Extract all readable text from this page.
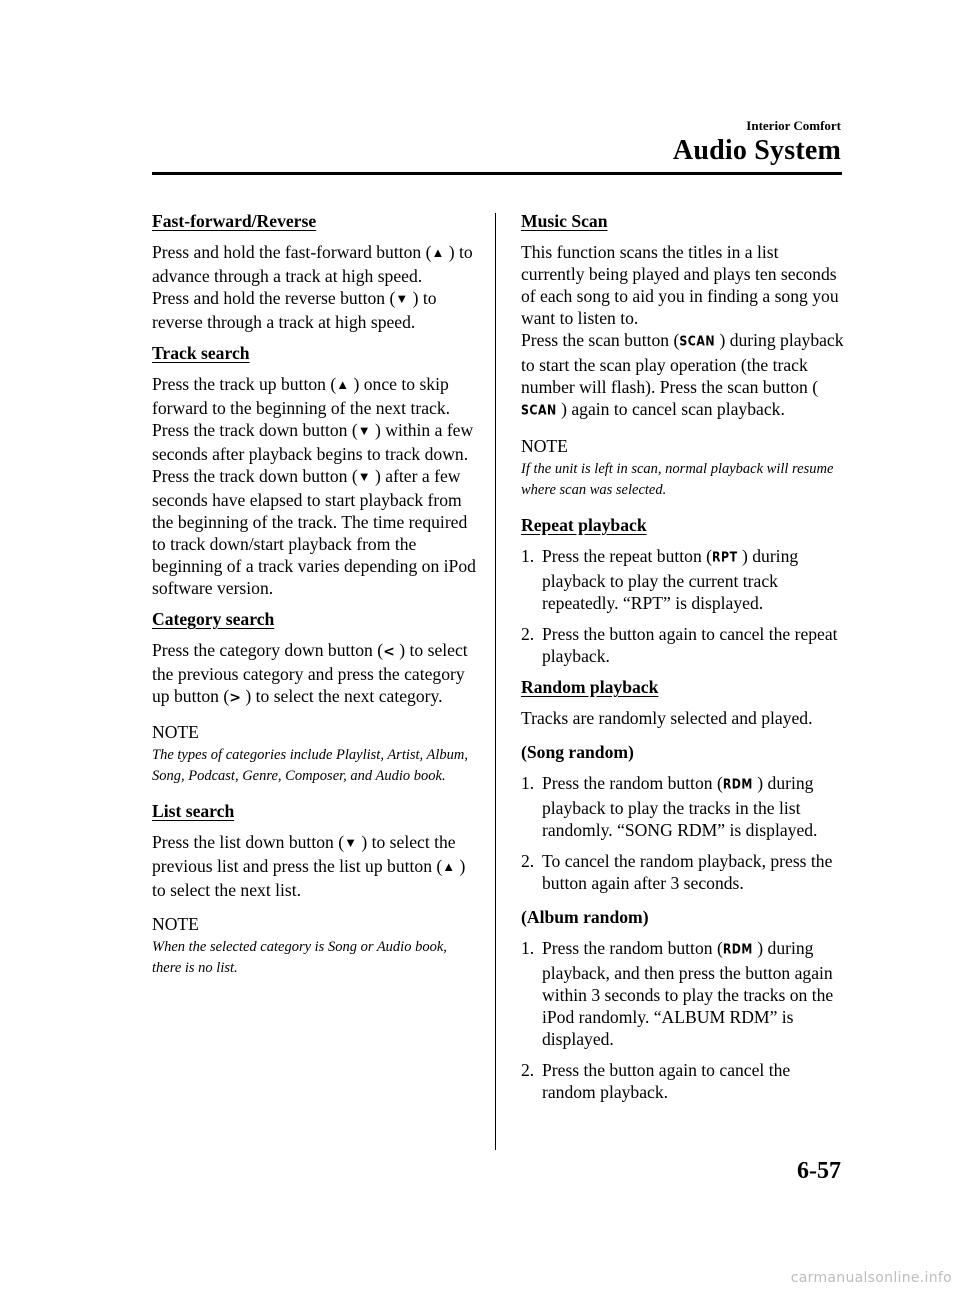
Interior Comfort
Audio System
Fast-forward/Reverse
Press and hold the fast-forward button (▲ ) to advance through a track at high speed.
Press and hold the reverse button (▼ ) to reverse through a track at high speed.
Track search
Press the track up button (▲ ) once to skip forward to the beginning of the next track.
Press the track down button (▼ ) within a few seconds after playback begins to track down.
Press the track down button (▼ ) after a few seconds have elapsed to start playback from the beginning of the track. The time required to track down/start playback from the beginning of a track varies depending on iPod software version.
Category search
Press the category down button (< ) to select the previous category and press the category up button (> ) to select the next category.
NOTE
The types of categories include Playlist, Artist, Album, Song, Podcast, Genre, Composer, and Audio book.
List search
Press the list down button (▼ ) to select the previous list and press the list up button (▲ ) to select the next list.
NOTE
When the selected category is Song or Audio book, there is no list.
Music Scan
This function scans the titles in a list currently being played and plays ten seconds of each song to aid you in finding a song you want to listen to.
Press the scan button (SCAN ) during playback to start the scan play operation (the track number will flash). Press the scan button (SCAN ) again to cancel scan playback.
NOTE
If the unit is left in scan, normal playback will resume where scan was selected.
Repeat playback
1. Press the repeat button (RPT ) during playback to play the current track repeatedly. “RPT” is displayed.
2. Press the button again to cancel the repeat playback.
Random playback
Tracks are randomly selected and played.
(Song random)
1. Press the random button (RDM ) during playback to play the tracks in the list randomly. “SONG RDM” is displayed.
2. To cancel the random playback, press the button again after 3 seconds.
(Album random)
1. Press the random button (RDM ) during playback, and then press the button again within 3 seconds to play the tracks on the iPod randomly. “ALBUM RDM” is displayed.
2. Press the button again to cancel the random playback.
6-57
carmanualsonline.info
